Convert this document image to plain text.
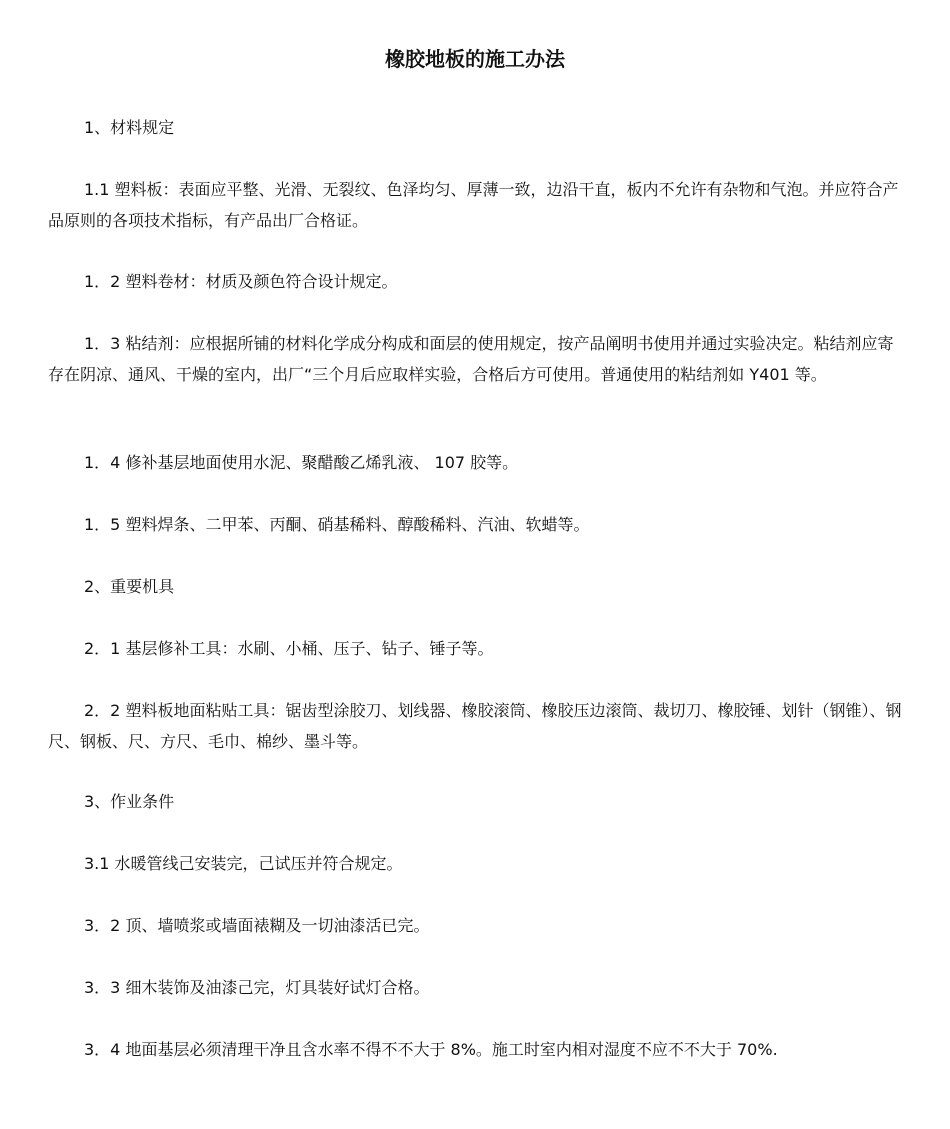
橡胶地板的施工办法

1、材料规定

1.1 塑料板：表面应平整、光滑、无裂纹、色泽均匀、厚薄一致，边沿干直，板内不允许有杂物和气泡。并应符合产品原则的各项技术指标，有产品出厂合格证。

1．2 塑料卷材：材质及颜色符合设计规定。

1．3 粘结剂：应根据所铺的材料化学成分构成和面层的使用规定，按产品阐明书使用并通过实验决定。粘结剂应寄存在阴凉、通风、干燥的室内，出厂“三个月后应取样实验，合格后方可使用。普通使用的粘结剂如 Y401 等。

1．4 修补基层地面使用水泥、聚醋酸乙烯乳液、 107 胶等。

1．5 塑料焊条、二甲苯、丙酮、硝基稀料、醇酸稀料、汽油、软蜡等。

2、重要机具

2．1 基层修补工具：水刷、小桶、压子、钻子、锤子等。

2．2 塑料板地面粘贴工具：锯齿型涂胶刀、划线器、橡胶滚筒、橡胶压边滚筒、裁切刀、橡胶锤、划针（钢锥）、钢尺、钢板、尺、方尺、毛巾、棉纱、墨斗等。

3、作业条件

3.1 水暖管线己安装完，己试压并符合规定。

3．2 顶、墙喷浆或墙面裱糊及一切油漆活已完。

3．3 细木装饰及油漆己完，灯具装好试灯合格。

3．4 地面基层必须清理干净且含水率不得不不大于 8%。施工时室内相对湿度不应不不大于 70%.
